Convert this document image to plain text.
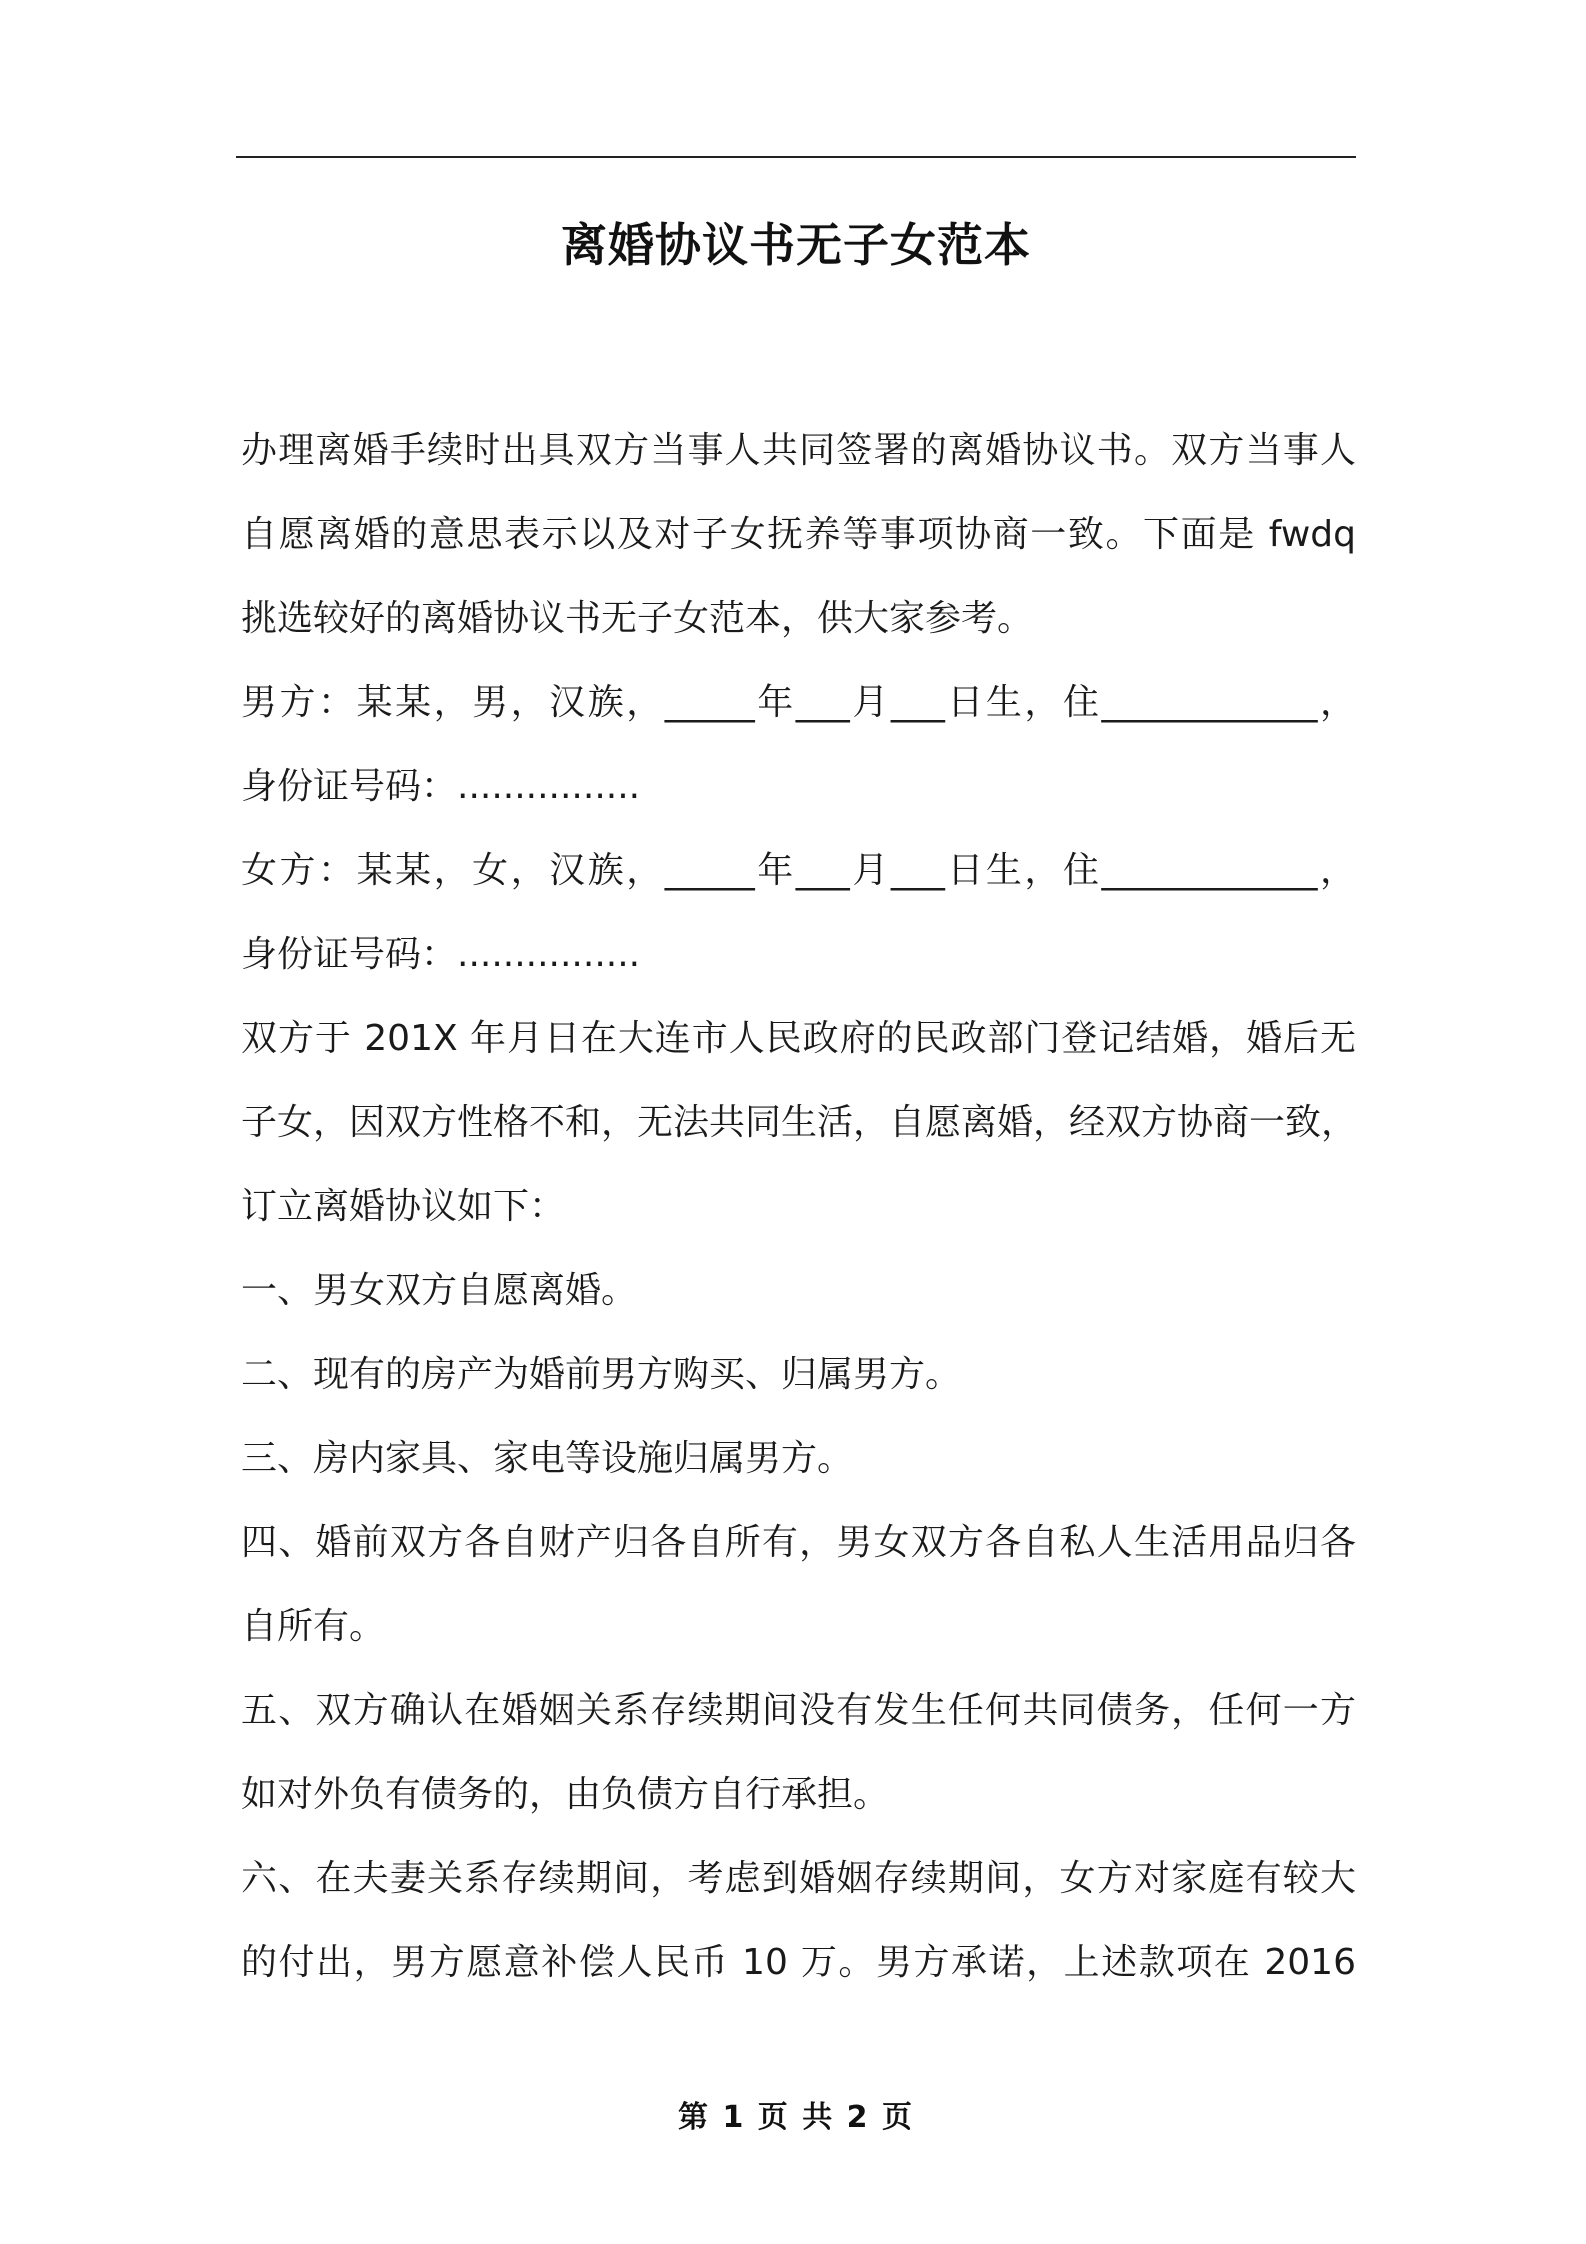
离婚协议书无子女范本
办理离婚手续时出具双方当事人共同签署的离婚协议书。双方当事人
自愿离婚的意思表示以及对子女抚养等事项协商一致。下面是 fwdq
挑选较好的离婚协议书无子女范本，供大家参考。
男方：某某，男，汉族，_____年___月___日生，住____________，
身份证号码：................
女方：某某，女，汉族，_____年___月___日生，住____________，
身份证号码：................
双方于 201X 年月日在大连市人民政府的民政部门登记结婚，婚后无
子女，因双方性格不和，无法共同生活，自愿离婚，经双方协商一致，
订立离婚协议如下：
一、男女双方自愿离婚。
二、现有的房产为婚前男方购买、归属男方。
三、房内家具、家电等设施归属男方。
四、婚前双方各自财产归各自所有，男女双方各自私人生活用品归各
自所有。
五、双方确认在婚姻关系存续期间没有发生任何共同债务，任何一方
如对外负有债务的，由负债方自行承担。
六、在夫妻关系存续期间，考虑到婚姻存续期间，女方对家庭有较大
的付出，男方愿意补偿人民币 10 万。男方承诺，上述款项在 2016
第 1 页 共 2 页
